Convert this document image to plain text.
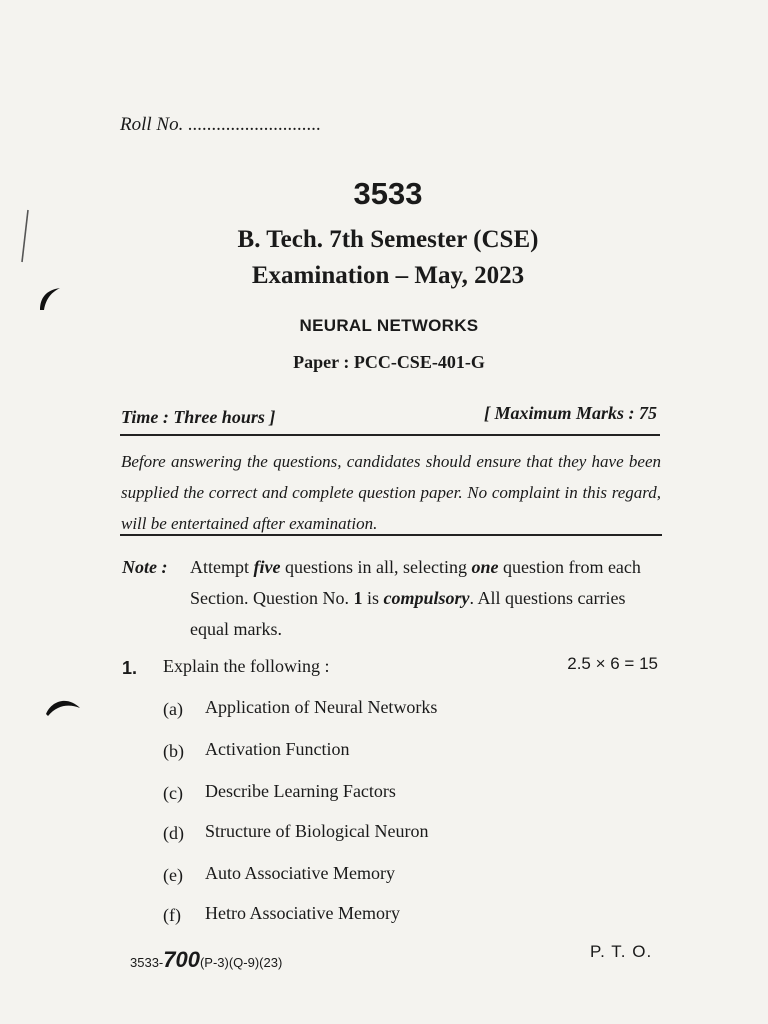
Roll No. ............................
3533
B. Tech. 7th Semester (CSE)
Examination – May, 2023
NEURAL NETWORKS
Paper : PCC-CSE-401-G
Time : Three hours ]	[ Maximum Marks : 75
Before answering the questions, candidates should ensure that they have been supplied the correct and complete question paper. No complaint in this regard, will be entertained after examination.
Note : Attempt five questions in all, selecting one question from each Section. Question No. 1 is compulsory. All questions carries equal marks.
1. Explain the following :	2.5 × 6 = 15
(a) Application of Neural Networks
(b) Activation Function
(c) Describe Learning Factors
(d) Structure of Biological Neuron
(e) Auto Associative Memory
(f) Hetro Associative Memory
3533-700(P-3)(Q-9)(23)
P. T. O.
